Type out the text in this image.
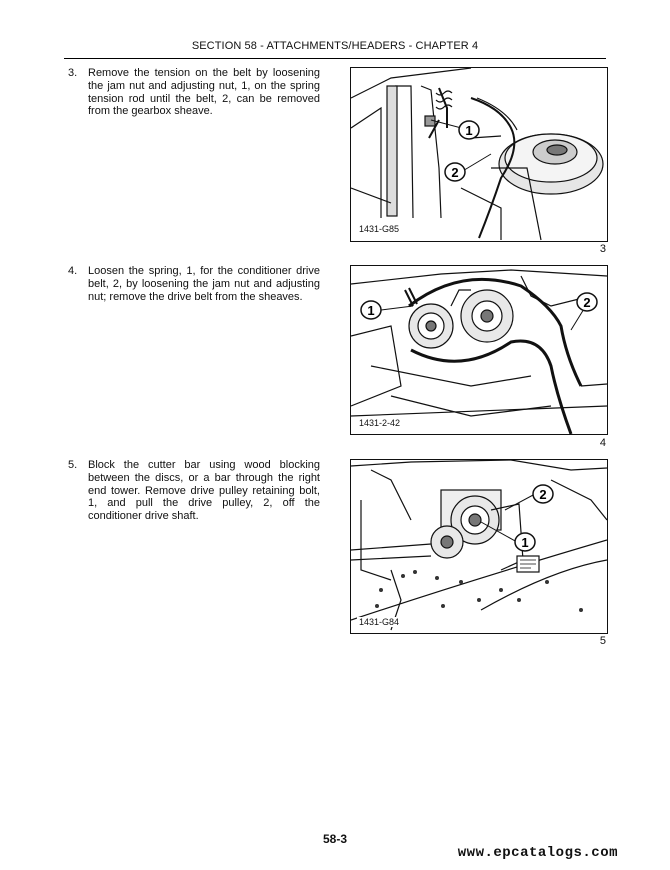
SECTION 58 - ATTACHMENTS/HEADERS - CHAPTER 4
3. Remove the tension on the belt by loosening the jam nut and adjusting nut, 1, on the spring tension rod until the belt, 2, can be removed from the gearbox sheave.
1
2
1431-G85
3
4. Loosen the spring, 1, for the conditioner drive belt, 2, by loosening the jam nut and adjusting nut; remove the drive belt from the sheaves.
1
2
1431-2-42
4
5. Block the cutter bar using wood blocking between the discs, or a bar through the right end tower. Remove drive pulley retaining bolt, 1, and pull the drive pulley, 2, off the conditioner drive shaft.
2
1
1431-G84
5
58-3
www.epcatalogs.com
